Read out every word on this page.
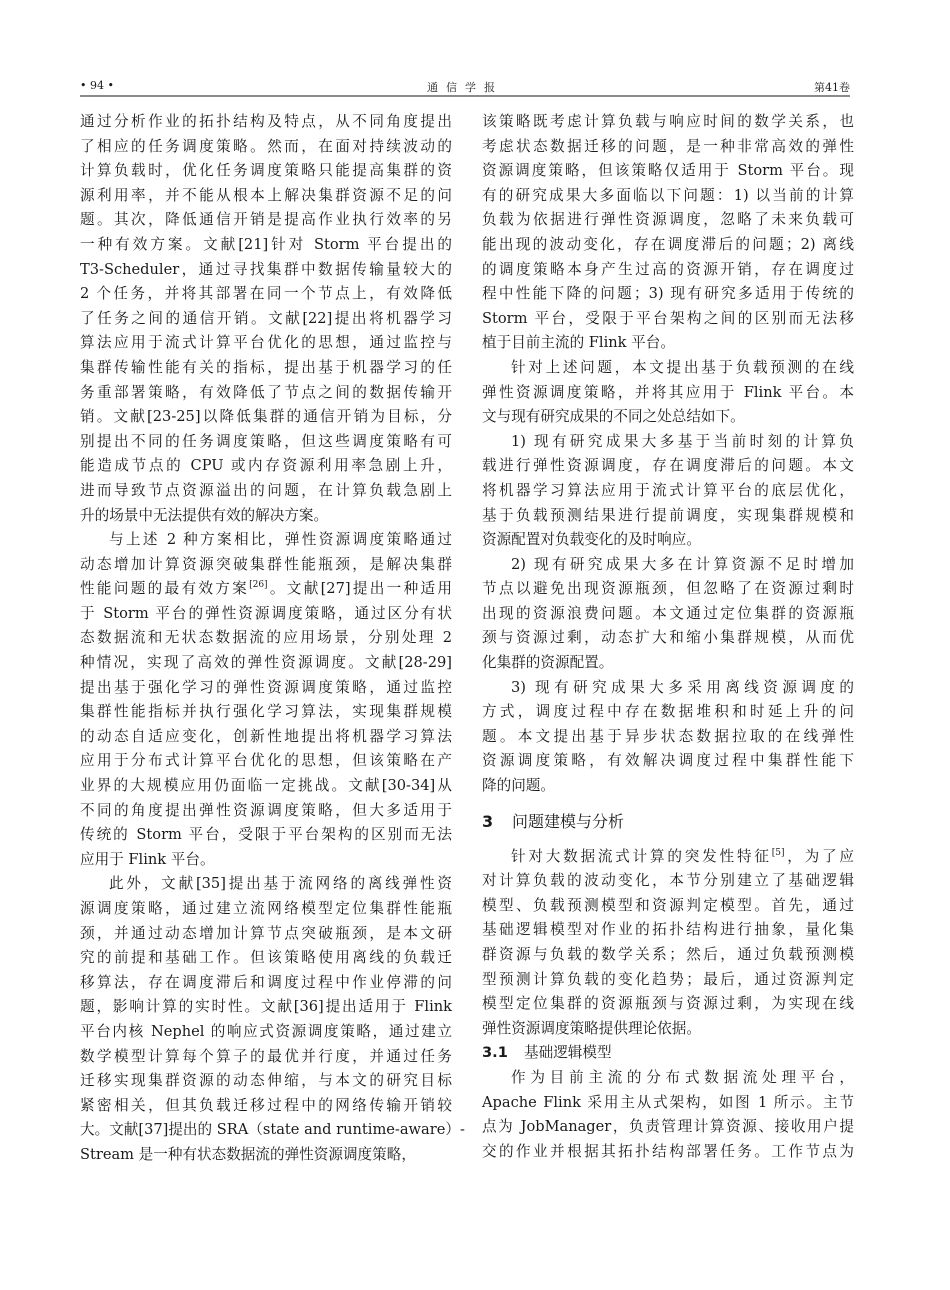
• 94 •	通信学报	第41卷
通过分析作业的拓扑结构及特点，从不同角度提出
了相应的任务调度策略。然而，在面对持续波动的
计算负载时，优化任务调度策略只能提高集群的资
源利用率，并不能从根本上解决集群资源不足的问
题。其次，降低通信开销是提高作业执行效率的另
一种有效方案。文献[21]针对 Storm 平台提出的
T3-Scheduler，通过寻找集群中数据传输量较大的
2 个任务，并将其部署在同一个节点上，有效降低
了任务之间的通信开销。文献[22]提出将机器学习
算法应用于流式计算平台优化的思想，通过监控与
集群传输性能有关的指标，提出基于机器学习的任
务重部署策略，有效降低了节点之间的数据传输开
销。文献[23-25]以降低集群的通信开销为目标，分
别提出不同的任务调度策略，但这些调度策略有可
能造成节点的 CPU 或内存资源利用率急剧上升，
进而导致节点资源溢出的问题，在计算负载急剧上
升的场景中无法提供有效的解决方案。
与上述 2 种方案相比，弹性资源调度策略通过
动态增加计算资源突破集群性能瓶颈，是解决集群
性能问题的最有效方案[26]。文献[27]提出一种适用
于 Storm 平台的弹性资源调度策略，通过区分有状
态数据流和无状态数据流的应用场景，分别处理 2
种情况，实现了高效的弹性资源调度。文献[28-29]
提出基于强化学习的弹性资源调度策略，通过监控
集群性能指标并执行强化学习算法，实现集群规模
的动态自适应变化，创新性地提出将机器学习算法
应用于分布式计算平台优化的思想，但该策略在产
业界的大规模应用仍面临一定挑战。文献[30-34]从
不同的角度提出弹性资源调度策略，但大多适用于
传统的 Storm 平台，受限于平台架构的区别而无法
应用于 Flink 平台。
此外，文献[35]提出基于流网络的离线弹性资
源调度策略，通过建立流网络模型定位集群性能瓶
颈，并通过动态增加计算节点突破瓶颈，是本文研
究的前提和基础工作。但该策略使用离线的负载迁
移算法，存在调度滞后和调度过程中作业停滞的问
题，影响计算的实时性。文献[36]提出适用于 Flink
平台内核 Nephel 的响应式资源调度策略，通过建立
数学模型计算每个算子的最优并行度，并通过任务
迁移实现集群资源的动态伸缩，与本文的研究目标
紧密相关，但其负载迁移过程中的网络传输开销较
大。文献[37]提出的 SRA（state and runtime-aware）-
Stream 是一种有状态数据流的弹性资源调度策略，
该策略既考虑计算负载与响应时间的数学关系，也
考虑状态数据迁移的问题，是一种非常高效的弹性
资源调度策略，但该策略仅适用于 Storm 平台。现
有的研究成果大多面临以下问题：1) 以当前的计算
负载为依据进行弹性资源调度，忽略了未来负载可
能出现的波动变化，存在调度滞后的问题；2) 离线
的调度策略本身产生过高的资源开销，存在调度过
程中性能下降的问题；3) 现有研究多适用于传统的
Storm 平台，受限于平台架构之间的区别而无法移
植于目前主流的 Flink 平台。
针对上述问题，本文提出基于负载预测的在线
弹性资源调度策略，并将其应用于 Flink 平台。本
文与现有研究成果的不同之处总结如下。
1) 现有研究成果大多基于当前时刻的计算负
载进行弹性资源调度，存在调度滞后的问题。本文
将机器学习算法应用于流式计算平台的底层优化，
基于负载预测结果进行提前调度，实现集群规模和
资源配置对负载变化的及时响应。
2) 现有研究成果大多在计算资源不足时增加
节点以避免出现资源瓶颈，但忽略了在资源过剩时
出现的资源浪费问题。本文通过定位集群的资源瓶
颈与资源过剩，动态扩大和缩小集群规模，从而优
化集群的资源配置。
3) 现有研究成果大多采用离线资源调度的
方式，调度过程中存在数据堆积和时延上升的问
题。本文提出基于异步状态数据拉取的在线弹性
资源调度策略，有效解决调度过程中集群性能下
降的问题。
3 问题建模与分析
针对大数据流式计算的突发性特征[5]，为了应
对计算负载的波动变化，本节分别建立了基础逻辑
模型、负载预测模型和资源判定模型。首先，通过
基础逻辑模型对作业的拓扑结构进行抽象，量化集
群资源与负载的数学关系；然后，通过负载预测模
型预测计算负载的变化趋势；最后，通过资源判定
模型定位集群的资源瓶颈与资源过剩，为实现在线
弹性资源调度策略提供理论依据。
3.1 基础逻辑模型
作为目前主流的分布式数据流处理平台，
Apache Flink 采用主从式架构，如图 1 所示。主节
点为 JobManager，负责管理计算资源、接收用户提
交的作业并根据其拓扑结构部署任务。工作节点为
